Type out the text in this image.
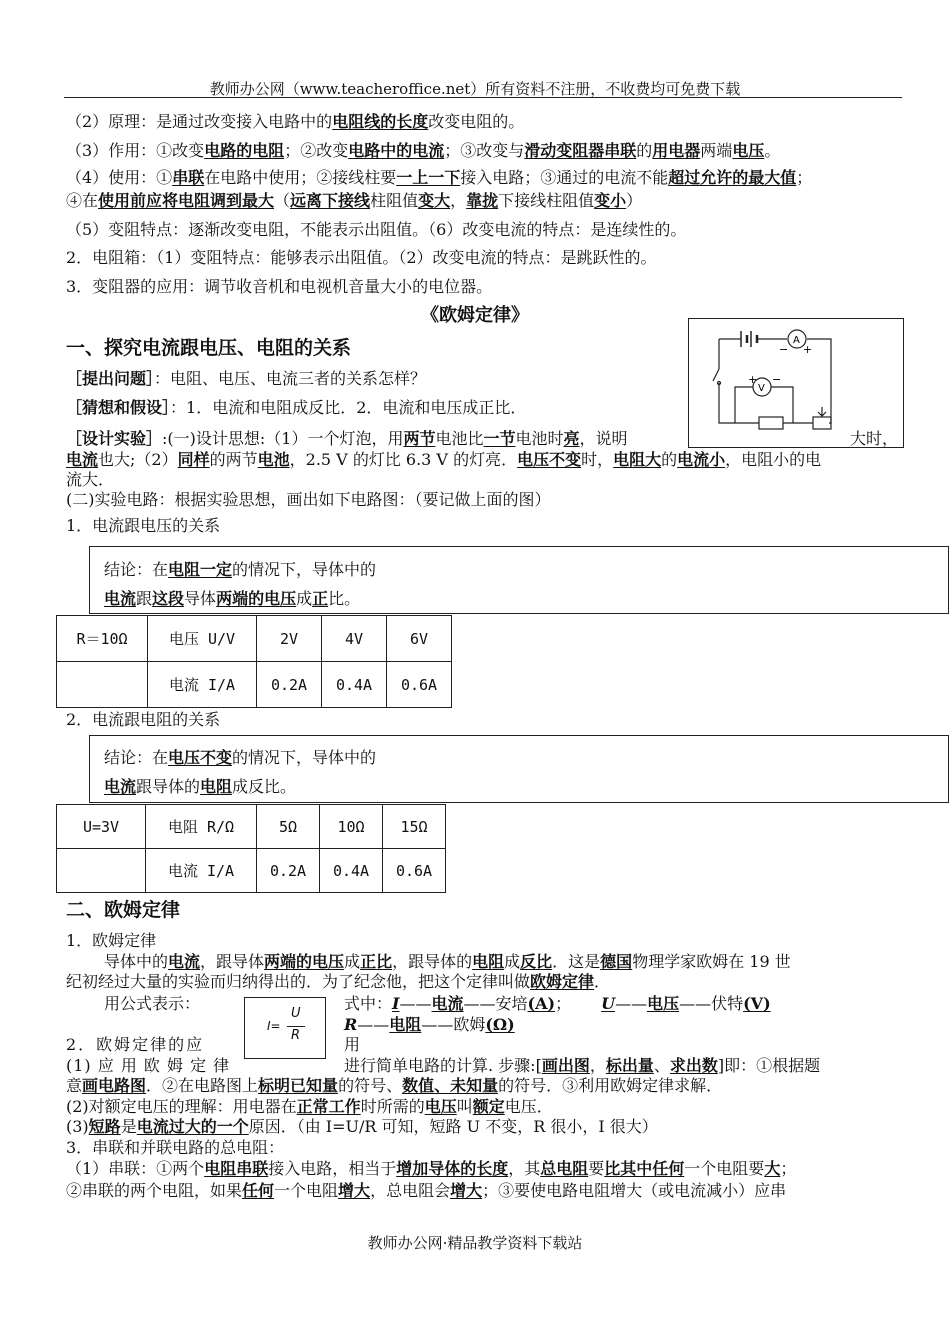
教师办公网（www.teacheroffice.net）所有资料不注册，不收费均可免费下载
（2）原理：是通过改变接入电路中的电阻线的长度改变电阻的。
（3）作用：①改变电路的电阻；②改变电路中的电流；③改变与滑动变阻器串联的用电器两端电压。
（4）使用：①串联在电路中使用；②接线柱要一上一下接入电路；③通过的电流不能超过允许的最大值；
④在使用前应将电阻调到最大（远离下接线柱阻值变大，靠拢下接线柱阻值变小）
（5）变阻特点：逐渐改变电阻，不能表示出阻值。（6）改变电流的特点：是连续性的。
2．电阻箱：（1）变阻特点：能够表示出阻值。（2）改变电流的特点：是跳跃性的。
3．变阻器的应用：调节收音机和电视机音量大小的电位器。
《欧姆定律》
一、探究电流跟电压、电阻的关系
［提出问题］：电阻、电压、电流三者的关系怎样？
［猜想和假设］：1．电流和电阻成反比．2．电流和电压成正比．
A
− +
V
+ −
［设计实验］:(一)设计思想:（1）一个灯泡，用两节电池比一节电池时亮，说明	大时，
电流也大;（2）同样的两节电池，2.5 V 的灯比 6.3 V 的灯亮．电压不变时，电阻大的电流小，电阻小的电
流大．
(二)实验电路：根据实验思想，画出如下电路图：（要记做上面的图）
1．电流跟电压的关系
结论：在电阻一定的情况下，导体中的
电流跟这段导体两端的电压成正比。
R＝10Ω	电压 U/V	2V	4V	6V
	电流 I/A	0.2A	0.4A	0.6A
2．电流跟电阻的关系
结论：在电压不变的情况下，导体中的
电流跟导体的电阻成反比。
U=3V	电阻 R/Ω	5Ω	10Ω	15Ω
	电流 I/A	0.2A	0.4A	0.6A
二、欧姆定律
1．欧姆定律
导体中的电流，跟导体两端的电压成正比，跟导体的电阻成反比．这是德国物理学家欧姆在 19 世
纪初经过大量的实验而归纳得出的．为了纪念他，把这个定律叫做欧姆定律．
用公式表示：
I=
U
R
式中：I——电流——安培(A)； U——电压——伏特(V)
R——电阻——欧姆(Ω)
2．欧姆定律的应	用
(1) 应 用 欧 姆 定 律	进行简单电路的计算. 步骤:[画出图，标出量、求出数]即：①根据题
意画电路图．②在电路图上标明已知量的符号、数值、未知量的符号．③利用欧姆定律求解．
(2)对额定电压的理解：用电器在正常工作时所需的电压叫额定电压．
(3)短路是电流过大的一个原因．（由 I=U/R 可知，短路 U 不变，R 很小，I 很大）
3．串联和并联电路的总电阻：
（1）串联：①两个电阻串联接入电路，相当于增加导体的长度，其总电阻要比其中任何一个电阻要大；
②串联的两个电阻，如果任何一个电阻增大，总电阻会增大；③要使电路电阻增大（或电流减小）应串
教师办公网·精品教学资料下载站
